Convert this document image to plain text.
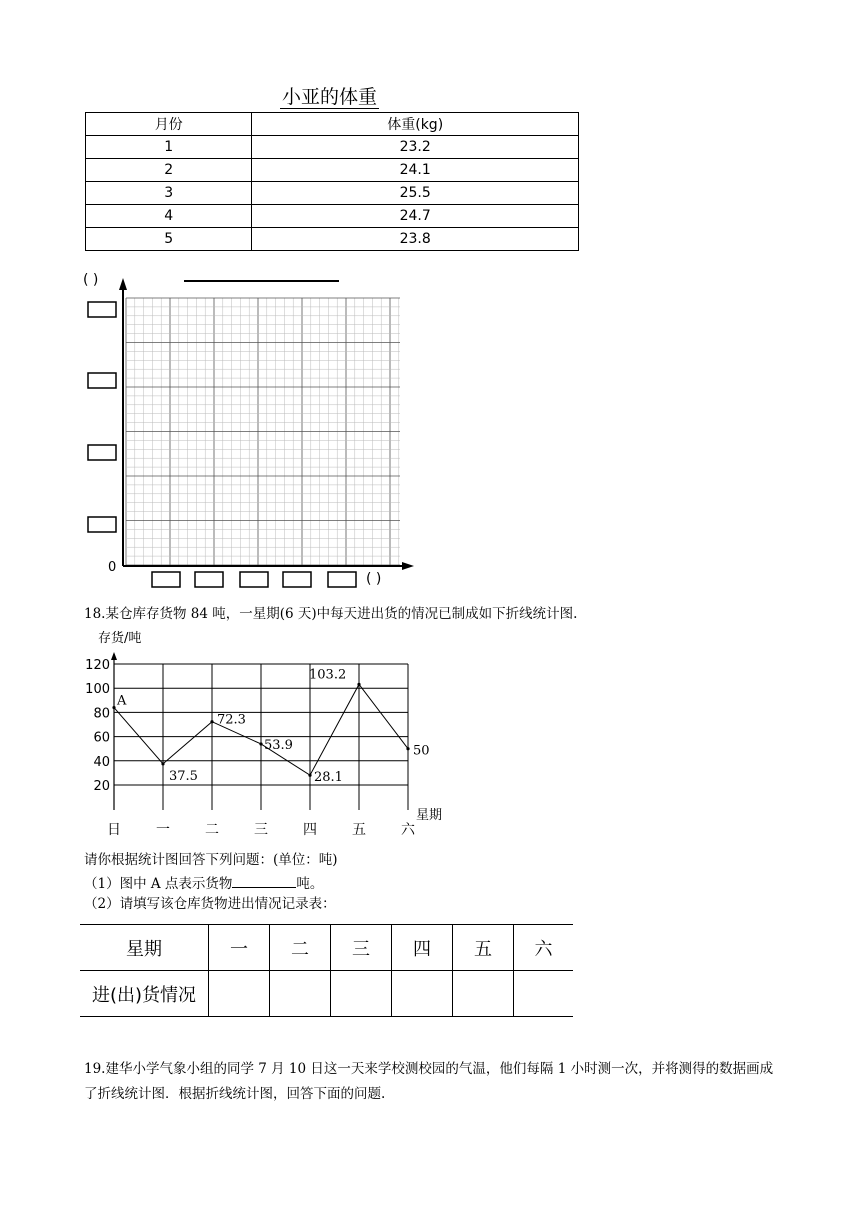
小亚的体重
月份	体重(kg)
1	23.2
2	24.1
3	25.5
4	24.7
5	23.8
( )
0
( )
18.某仓库存货物 84 吨，一星期(6 天)中每天进出货的情况已制成如下折线统计图.
存货/吨
星期
20
40
60
80
100
120
日	一	二	三	四	五	六
A
37.5
72.3
53.9
28.1
103.2
50
请你根据统计图回答下列问题：(单位：吨)
（1）图中 A 点表示货物	吨。
（2）请填写该仓库货物进出情况记录表：
星期	一	二	三	四	五	六
进(出)货情况						
19.建华小学气象小组的同学 7 月 10 日这一天来学校测校园的气温，他们每隔 1 小时测一次，并将测得的数据画成了折线统计图．根据折线统计图，回答下面的问题.
